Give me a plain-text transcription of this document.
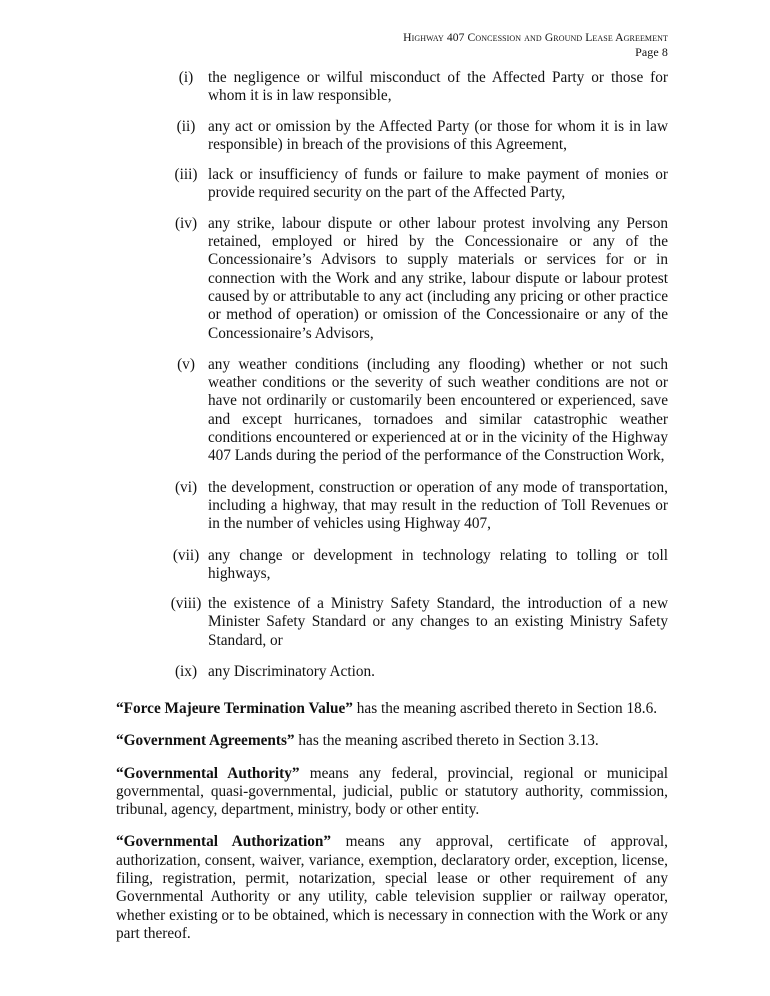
Highway 407 Concession and Ground Lease Agreement
Page 8
(i) the negligence or wilful misconduct of the Affected Party or those for whom it is in law responsible,
(ii) any act or omission by the Affected Party (or those for whom it is in law responsible) in breach of the provisions of this Agreement,
(iii) lack or insufficiency of funds or failure to make payment of monies or provide required security on the part of the Affected Party,
(iv) any strike, labour dispute or other labour protest involving any Person retained, employed or hired by the Concessionaire or any of the Concessionaire’s Advisors to supply materials or services for or in connection with the Work and any strike, labour dispute or labour protest caused by or attributable to any act (including any pricing or other practice or method of operation) or omission of the Concessionaire or any of the Concessionaire’s Advisors,
(v) any weather conditions (including any flooding) whether or not such weather conditions or the severity of such weather conditions are not or have not ordinarily or customarily been encountered or experienced, save and except hurricanes, tornadoes and similar catastrophic weather conditions encountered or experienced at or in the vicinity of the Highway 407 Lands during the period of the performance of the Construction Work,
(vi) the development, construction or operation of any mode of transportation, including a highway, that may result in the reduction of Toll Revenues or in the number of vehicles using Highway 407,
(vii) any change or development in technology relating to tolling or toll highways,
(viii) the existence of a Ministry Safety Standard, the introduction of a new Minister Safety Standard or any changes to an existing Ministry Safety Standard, or
(ix) any Discriminatory Action.

“Force Majeure Termination Value” has the meaning ascribed thereto in Section 18.6.

“Government Agreements” has the meaning ascribed thereto in Section 3.13.

“Governmental Authority” means any federal, provincial, regional or municipal governmental, quasi-governmental, judicial, public or statutory authority, commission, tribunal, agency, department, ministry, body or other entity.

“Governmental Authorization” means any approval, certificate of approval, authorization, consent, waiver, variance, exemption, declaratory order, exception, license, filing, registration, permit, notarization, special lease or other requirement of any Governmental Authority or any utility, cable television supplier or railway operator, whether existing or to be obtained, which is necessary in connection with the Work or any part thereof.
